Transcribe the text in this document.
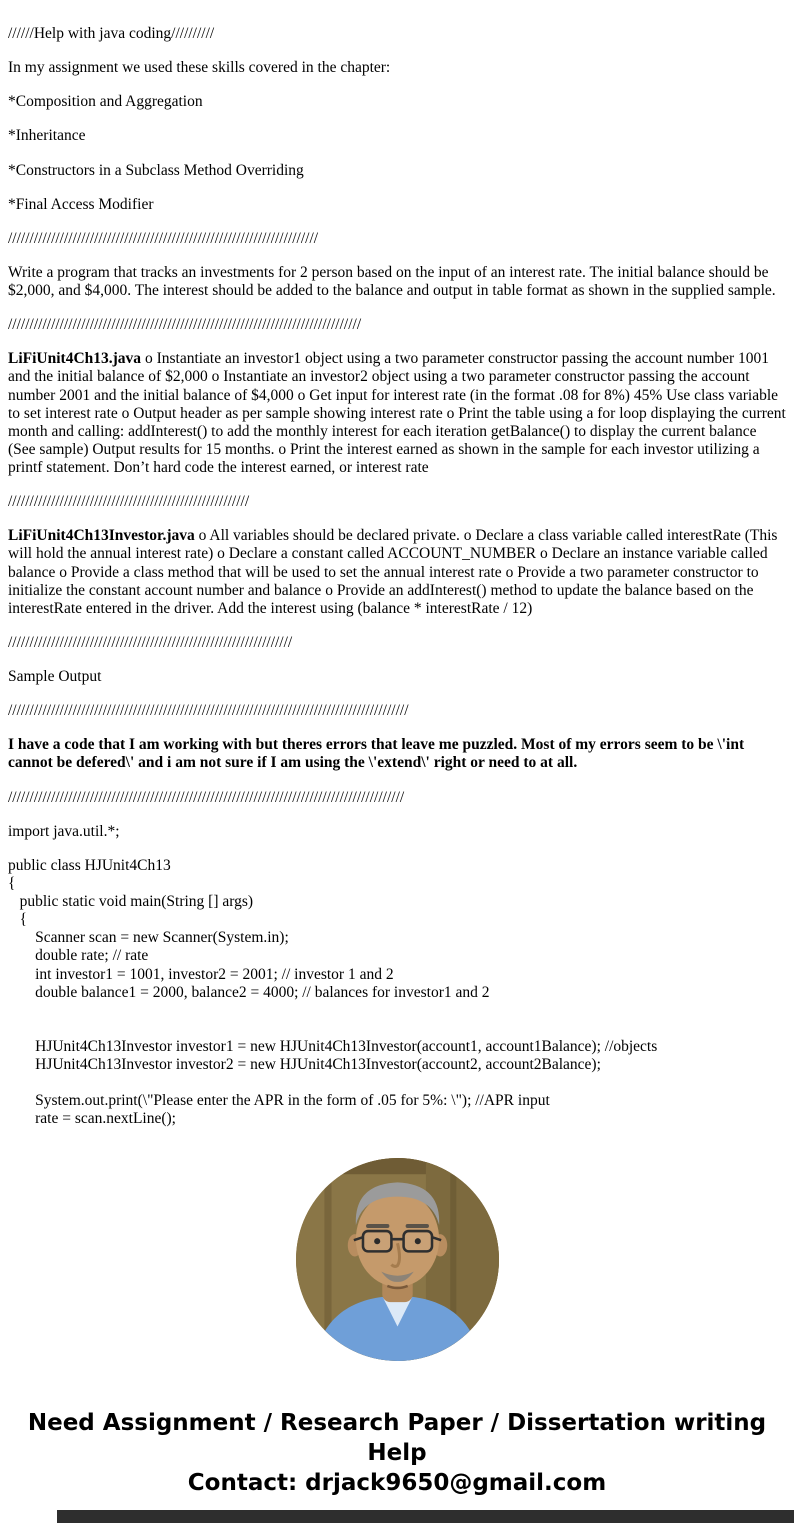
//////Help with java coding//////////

In my assignment we used these skills covered in the chapter:

*Composition and Aggregation

*Inheritance

*Constructors in a Subclass Method Overriding

*Final Access Modifier

////////////////////////////////////////////////////////////////////////

Write a program that tracks an investments for 2 person based on the input of an interest rate. The initial balance should be $2,000, and $4,000. The interest should be added to the balance and output in table format as shown in the supplied sample.

//////////////////////////////////////////////////////////////////////////////////

LiFiUnit4Ch13.java o Instantiate an investor1 object using a two parameter constructor passing the account number 1001 and the initial balance of $2,000 o Instantiate an investor2 object using a two parameter constructor passing the account number 2001 and the initial balance of $4,000 o Get input for interest rate (in the format .08 for 8%) 45% Use class variable to set interest rate o Output header as per sample showing interest rate o Print the table using a for loop displaying the current month and calling: addInterest() to add the monthly interest for each iteration getBalance() to display the current balance (See sample) Output results for 15 months. o Print the interest earned as shown in the sample for each investor utilizing a printf statement. Don’t hard code the interest earned, or interest rate

////////////////////////////////////////////////////////

LiFiUnit4Ch13Investor.java o All variables should be declared private. o Declare a class variable called interestRate (This will hold the annual interest rate) o Declare a constant called ACCOUNT_NUMBER o Declare an instance variable called balance o Provide a class method that will be used to set the annual interest rate o Provide a two parameter constructor to initialize the constant account number and balance o Provide an addInterest() method to update the balance based on the interestRate entered in the driver. Add the interest using (balance * interestRate / 12)

//////////////////////////////////////////////////////////////////

Sample Output

/////////////////////////////////////////////////////////////////////////////////////////////

I have a code that I am working with but theres errors that leave me puzzled. Most of my errors seem to be \'int cannot be defered\' and i am not sure if I am using the \'extend\' right or need to at all.

////////////////////////////////////////////////////////////////////////////////////////////

import java.util.*;

public class HJUnit4Ch13
{
public static void main(String [] args)
{
Scanner scan = new Scanner(System.in);
double rate; // rate
int investor1 = 1001, investor2 = 2001; // investor 1 and 2
double balance1 = 2000, balance2 = 4000; // balances for investor1 and 2
HJUnit4Ch13Investor investor1 = new HJUnit4Ch13Investor(account1, account1Balance); //objects
HJUnit4Ch13Investor investor2 = new HJUnit4Ch13Investor(account2, account2Balance);
System.out.print(\"Please enter the APR in the form of .05 for 5%: \"); //APR input
rate = scan.nextLine();
Need Assignment / Research Paper / Dissertation writing Help
Contact: drjack9650@gmail.com
